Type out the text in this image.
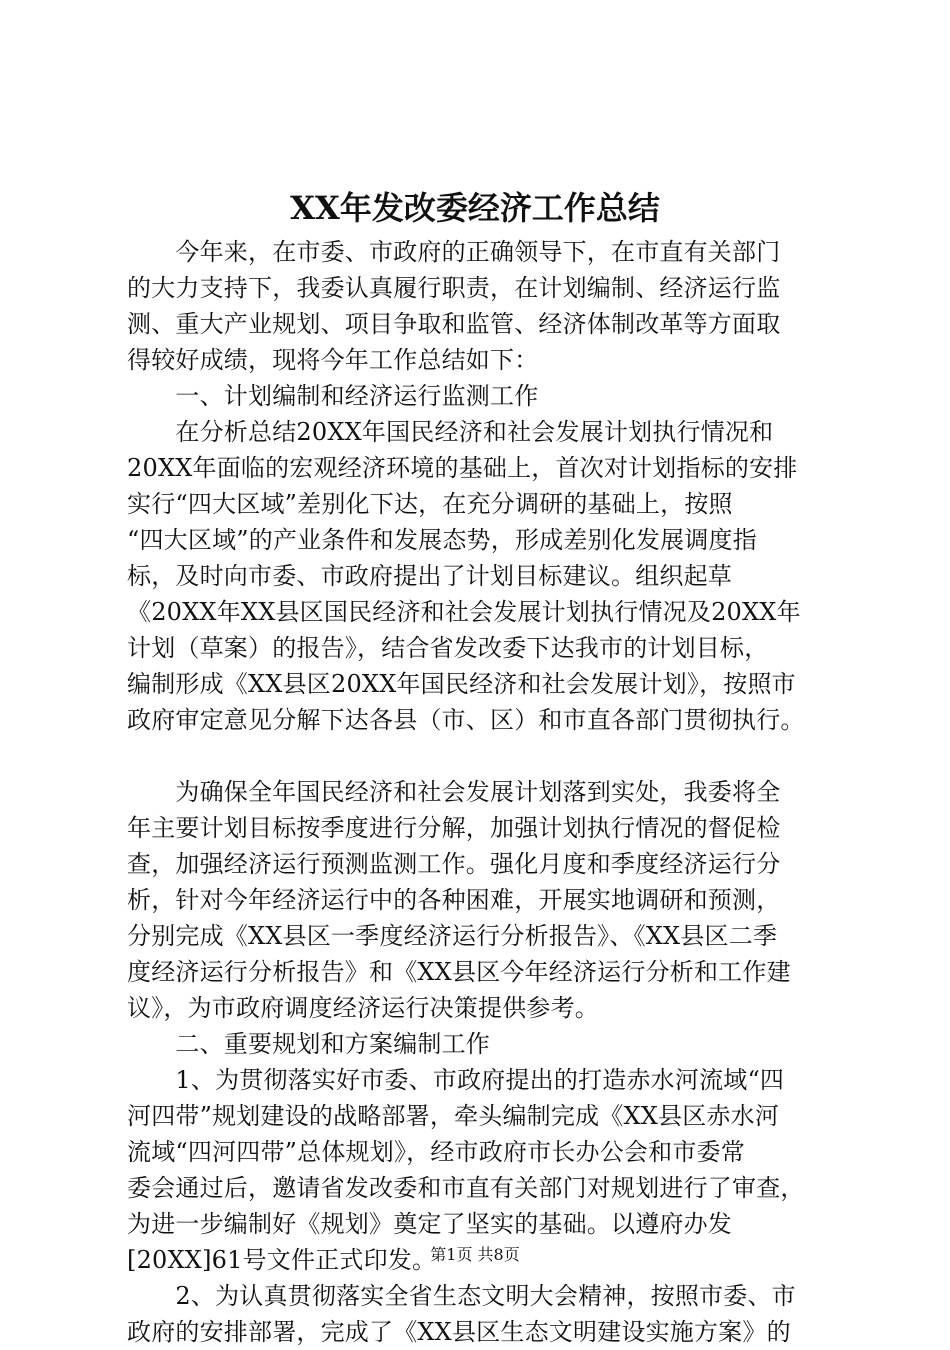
XX年发改委经济工作总结
　　今年来，在市委、市政府的正确领导下，在市直有关部门
的大力支持下，我委认真履行职责，在计划编制、经济运行监
测、重大产业规划、项目争取和监管、经济体制改革等方面取
得较好成绩，现将今年工作总结如下：
　　一、计划编制和经济运行监测工作
　　在分析总结20XX年国民经济和社会发展计划执行情况和
20XX年面临的宏观经济环境的基础上，首次对计划指标的安排
实行“四大区域”差别化下达，在充分调研的基础上，按照
“四大区域”的产业条件和发展态势，形成差别化发展调度指
标，及时向市委、市政府提出了计划目标建议。组织起草
《20XX年XX县区国民经济和社会发展计划执行情况及20XX年
计划（草案）的报告》，结合省发改委下达我市的计划目标，
编制形成《XX县区20XX年国民经济和社会发展计划》，按照市
政府审定意见分解下达各县（市、区）和市直各部门贯彻执行。
　　为确保全年国民经济和社会发展计划落到实处，我委将全
年主要计划目标按季度进行分解，加强计划执行情况的督促检
查，加强经济运行预测监测工作。强化月度和季度经济运行分
析，针对今年经济运行中的各种困难，开展实地调研和预测，
分别完成《XX县区一季度经济运行分析报告》、《XX县区二季
度经济运行分析报告》和《XX县区今年经济运行分析和工作建
议》，为市政府调度经济运行决策提供参考。
　　二、重要规划和方案编制工作
　　1、为贯彻落实好市委、市政府提出的打造赤水河流域“四
河四带”规划建设的战略部署，牵头编制完成《XX县区赤水河
流域“四河四带”总体规划》，经市政府市长办公会和市委常
委会通过后，邀请省发改委和市直有关部门对规划进行了审查，
为进一步编制好《规划》奠定了坚实的基础。以遵府办发
[20XX]61号文件正式印发。
　　2、为认真贯彻落实全省生态文明大会精神，按照市委、市
政府的安排部署，完成了《XX县区生态文明建设实施方案》的
第1页 共8页
